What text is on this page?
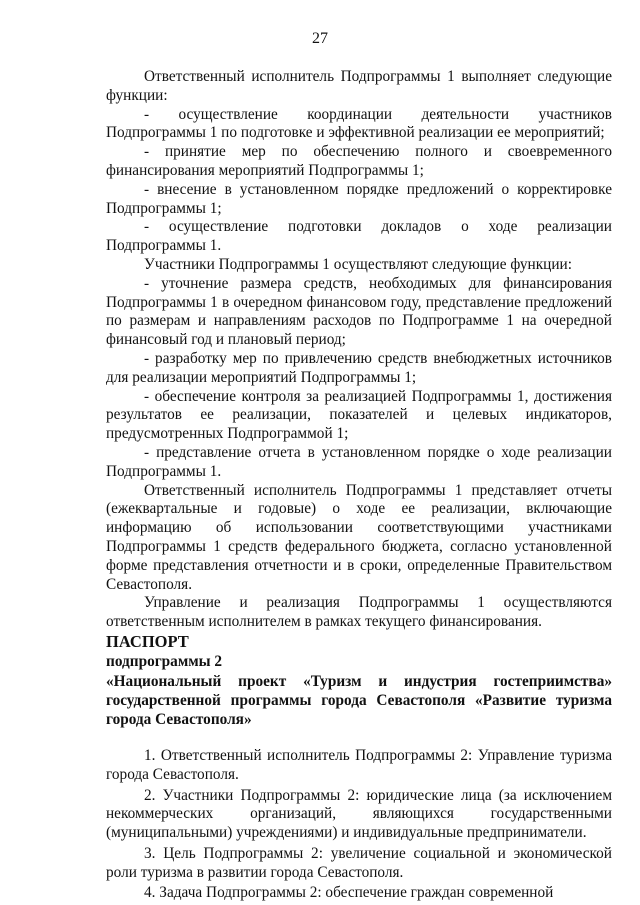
27

Ответственный исполнитель Подпрограммы 1 выполняет следующие функции:

- осуществление координации деятельности участников Подпрограммы 1 по подготовке и эффективной реализации ее мероприятий;

- принятие мер по обеспечению полного и своевременного финансирования мероприятий Подпрограммы 1;

- внесение в установленном порядке предложений о корректировке Подпрограммы 1;

- осуществление подготовки докладов о ходе реализации Подпрограммы 1.

Участники Подпрограммы 1 осуществляют следующие функции:

- уточнение размера средств, необходимых для финансирования Подпрограммы 1 в очередном финансовом году, представление предложений по размерам и направлениям расходов по Подпрограмме 1 на очередной финансовый год и плановый период;

- разработку мер по привлечению средств внебюджетных источников для реализации мероприятий Подпрограммы 1;

- обеспечение контроля за реализацией Подпрограммы 1, достижения результатов ее реализации, показателей и целевых индикаторов, предусмотренных Подпрограммой 1;

- представление отчета в установленном порядке о ходе реализации Подпрограммы 1.

Ответственный исполнитель Подпрограммы 1 представляет отчеты (ежеквартальные и годовые) о ходе ее реализации, включающие информацию об использовании соответствующими участниками Подпрограммы 1 средств федерального бюджета, согласно установленной форме представления отчетности и в сроки, определенные Правительством Севастополя.

Управление и реализация Подпрограммы 1 осуществляются ответственным исполнителем в рамках текущего финансирования.

ПАСПОРТ

подпрограммы 2

«Национальный проект «Туризм и индустрия гостеприимства» государственной программы города Севастополя «Развитие туризма города Севастополя»

1. Ответственный исполнитель Подпрограммы 2: Управление туризма города Севастополя.

2. Участники Подпрограммы 2: юридические лица (за исключением некоммерческих организаций, являющихся государственными (муниципальными) учреждениями) и индивидуальные предприниматели.

3. Цель Подпрограммы 2: увеличение социальной и экономической роли туризма в развитии города Севастополя.

4. Задача Подпрограммы 2: обеспечение граждан современной
